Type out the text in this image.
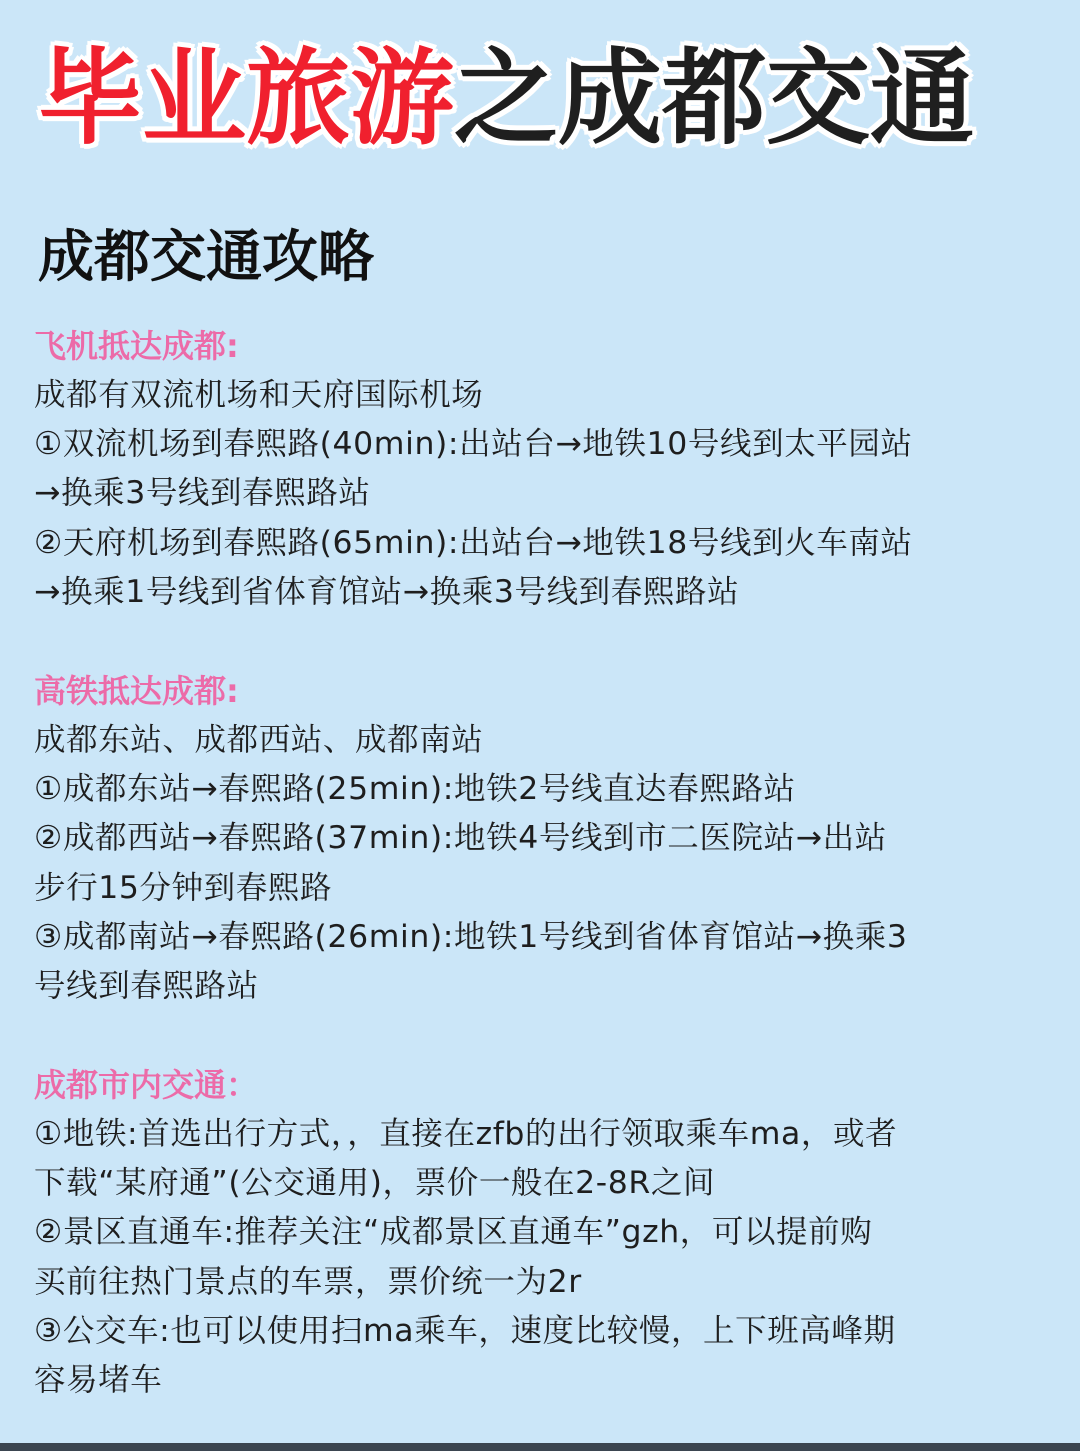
毕业旅游之成都交通
成都交通攻略
飞机抵达成都:
成都有双流机场和天府国际机场
①双流机场到春熙路(40min):出站台→地铁10号线到太平园站
→换乘3号线到春熙路站
②天府机场到春熙路(65min):出站台→地铁18号线到火车南站
→换乘1号线到省体育馆站→换乘3号线到春熙路站
高铁抵达成都:
成都东站、成都西站、成都南站
①成都东站→春熙路(25min):地铁2号线直达春熙路站
②成都西站→春熙路(37min):地铁4号线到市二医院站→出站
步行15分钟到春熙路
③成都南站→春熙路(26min):地铁1号线到省体育馆站→换乘3
号线到春熙路站
成都市内交通：
①地铁:首选出行方式，，直接在zfb的出行领取乘车ma，或者
下载“某府通”(公交通用)，票价一般在2-8R之间
②景区直通车:推荐关注“成都景区直通车”gzh，可以提前购
买前往热门景点的车票，票价统一为2r
③公交车:也可以使用扫ma乘车，速度比较慢，上下班高峰期
容易堵车
